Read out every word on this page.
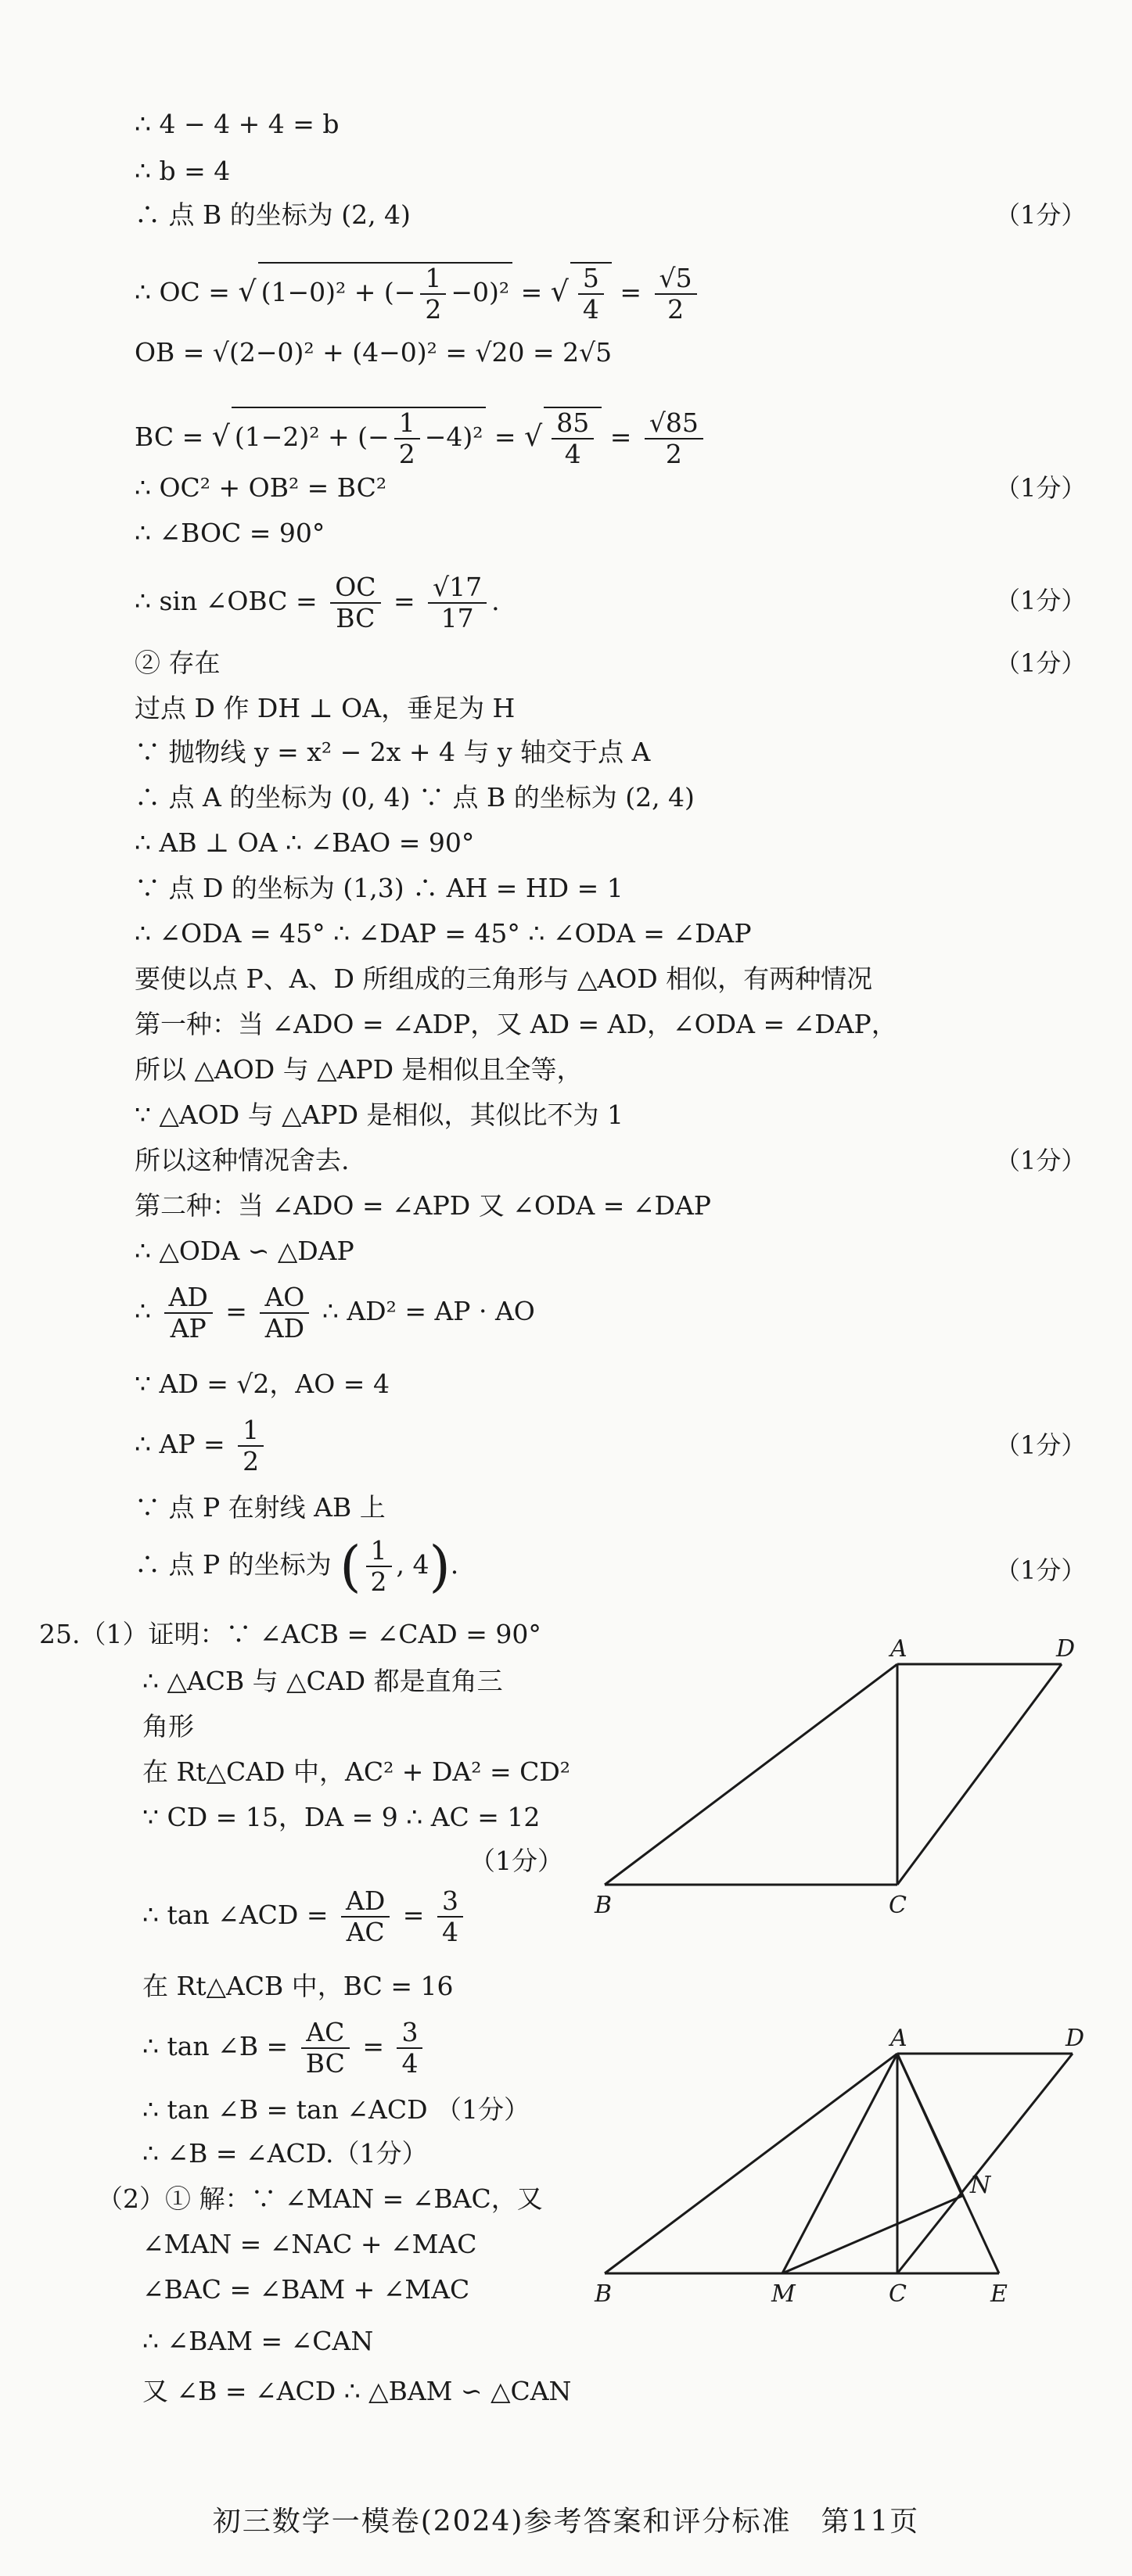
∴ 4 − 4 + 4 = b
∴ b = 4
∴ 点 B 的坐标为 (2, 4)	（1分）
∴ OC = √ (1−0)² + (− $\frac{1}{2} -0)^2$ = √ $\frac{5}{4} = \frac{√5}{2}$
OB = √(2−0)² + (4−0)² = √20 = 2√5
BC = √ (1−2)² + (− $\frac{1}{2} -4)^2$ = √ $\frac{85}{4} = \frac{√85}{2}$
∴ OC² + OB² = BC²	（1分）
∴ ∠BOC = 90°
∴ sin ∠OBC = $\frac{OC}{BC} = \frac{√17}{17}$ .	（1分）
② 存在	（1分）
过点 D 作 DH ⊥ OA，垂足为 H
∵ 抛物线 y = x² − 2x + 4 与 y 轴交于点 A
∴ 点 A 的坐标为 (0, 4) ∵ 点 B 的坐标为 (2, 4)
∴ AB ⊥ OA ∴ ∠BAO = 90°
∵ 点 D 的坐标为 (1,3) ∴ AH = HD = 1
∴ ∠ODA = 45° ∴ ∠DAP = 45° ∴ ∠ODA = ∠DAP
要使以点 P、A、D 所组成的三角形与 △AOD 相似，有两种情况
第一种：当 ∠ADO = ∠ADP，又 AD = AD，∠ODA = ∠DAP，
所以 △AOD 与 △APD 是相似且全等，
∵ △AOD 与 △APD 是相似，其似比不为 1
所以这种情况舍去.	（1分）
第二种：当 ∠ADO = ∠APD 又 ∠ODA = ∠DAP
∴ △ODA ∽ △DAP
∴ $\frac{AD}{AP} = \frac{AO}{AD}$ ∴ AD² = AP · AO
∵ AD = √2，AO = 4
∴ AP = $\frac{1}{2}$	（1分）
∵ 点 P 在射线 AB 上
∴ 点 P 的坐标为 ( $\frac{1}{2}$ , 4).	（1分）
25.（1）证明：∵ ∠ACB = ∠CAD = 90°
∴ △ACB 与 △CAD 都是直角三
角形
在 Rt△CAD 中，AC² + DA² = CD²
∵ CD = 15，DA = 9 ∴ AC = 12
（1分）
∴ tan ∠ACD = $\frac{AD}{AC} = \frac{3}{4}$
在 Rt△ACB 中，BC = 16
∴ tan ∠B = $\frac{AC}{BC} = \frac{3}{4}$
∴ tan ∠B = tan ∠ACD （1分）
∴ ∠B = ∠ACD.（1分）
（2）① 解：∵ ∠MAN = ∠BAC，又
∠MAN = ∠NAC + ∠MAC
∠BAC = ∠BAM + ∠MAC
∴ ∠BAM = ∠CAN
又 ∠B = ∠ACD ∴ △BAM ∽ △CAN
A	D
B	C
A	D
B	M	C	E
N
初三数学一模卷(2024)参考答案和评分标准　第11页
